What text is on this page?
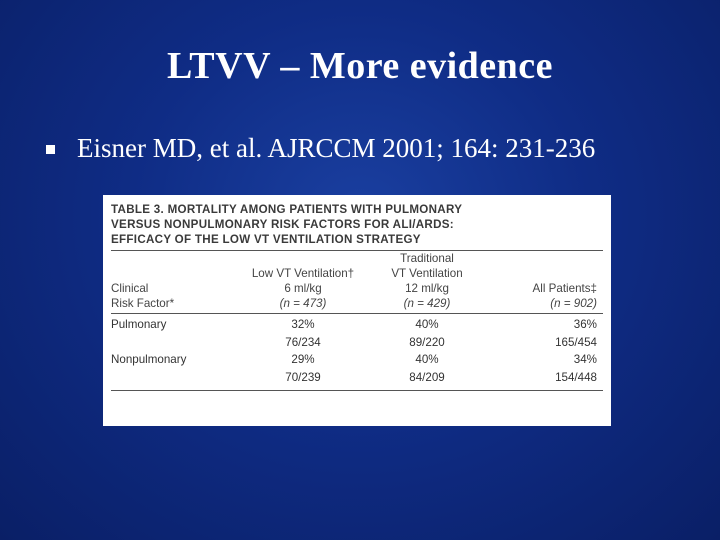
LTVV – More evidence
Eisner MD, et al. AJRCCM 2001; 164: 231-236
TABLE 3. MORTALITY AMONG PATIENTS WITH PULMONARY
VERSUS NONPULMONARY RISK FACTORS FOR ALI/ARDS:
EFFICACY OF THE LOW VT VENTILATION STRATEGY
		Traditional	
	Low VT Ventilation†	VT Ventilation	
Clinical	6 ml/kg	12 ml/kg	All Patients‡
Risk Factor*	(n = 473)	(n = 429)	(n = 902)
Pulmonary	32%	40%	36%
	76/234	89/220	165/454
Nonpulmonary	29%	40%	34%
	70/239	84/209	154/448
